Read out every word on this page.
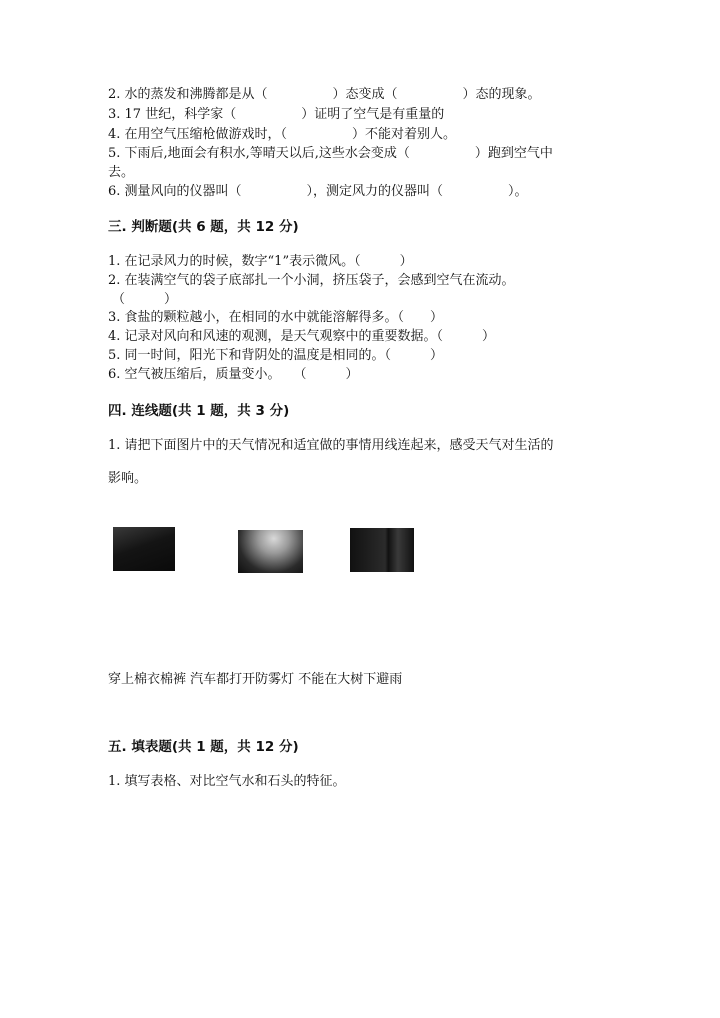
2. 水的蒸发和沸腾都是从（　　　　　）态变成（　　　　　）态的现象。
3. 17 世纪，科学家（　　　　　）证明了空气是有重量的
4. 在用空气压缩枪做游戏时，（　　　　　）不能对着别人。
5. 下雨后,地面会有积水,等晴天以后,这些水会变成（　　　　　）跑到空气中
去。
6. 测量风向的仪器叫（　　　　　），测定风力的仪器叫（　　　　　）。
三. 判断题(共 6 题，共 12 分)
1. 在记录风力的时候，数字“1”表示微风。（　　　）
2. 在装满空气的袋子底部扎一个小洞，挤压袋子，会感到空气在流动。
（　　　）
3. 食盐的颗粒越小，在相同的水中就能溶解得多。（　　）
4. 记录对风向和风速的观测，是天气观察中的重要数据。（　　　）
5. 同一时间，阳光下和背阴处的温度是相同的。（　　　）
6. 空气被压缩后，质量变小。　　（　　　）
四. 连线题(共 1 题，共 3 分)
1. 请把下面图片中的天气情况和适宜做的事情用线连起来，感受天气对生活的
影响。
穿上棉衣棉裤 汽车都打开防雾灯 不能在大树下避雨
五. 填表题(共 1 题，共 12 分)
1. 填写表格、对比空气水和石头的特征。
